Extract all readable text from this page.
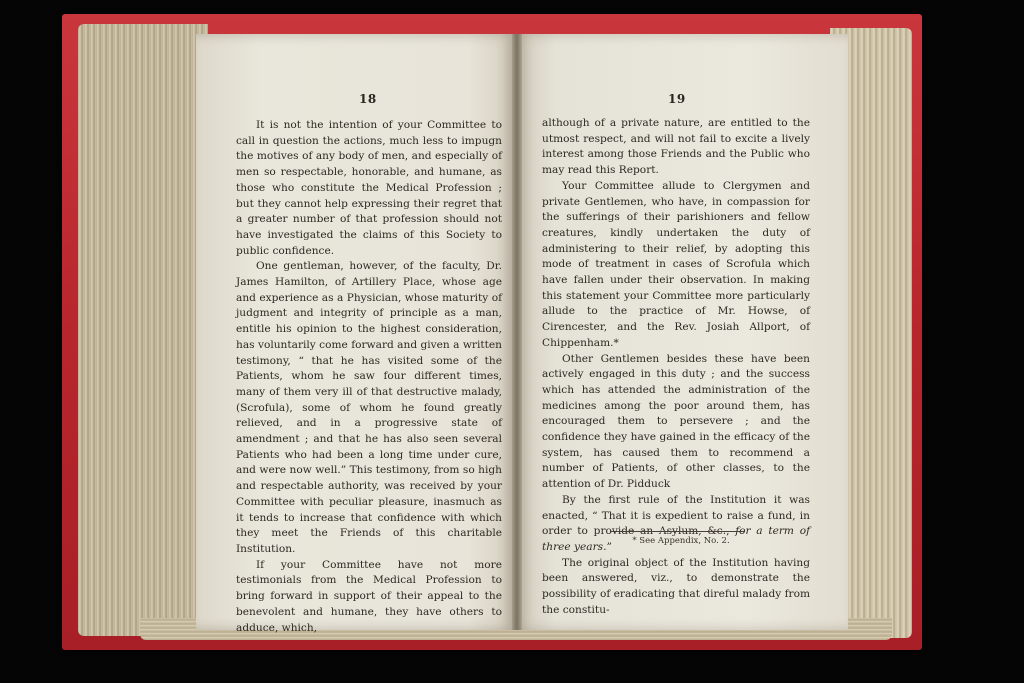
18

It is not the intention of your Committee to call in question the actions, much less to impugn the motives of any body of men, and especially of men so respectable, honorable, and humane, as those who constitute the Medical Profession ; but they cannot help expressing their regret that a greater number of that profession should not have investigated the claims of this Society to public confidence.

One gentleman, however, of the faculty, Dr. James Hamilton, of Artillery Place, whose age and experience as a Physician, whose maturity of judgment and integrity of principle as a man, entitle his opinion to the highest consideration, has voluntarily come forward and given a written testimony, “ that he has visited some of the Patients, whom he saw four different times, many of them very ill of that destructive malady, (Scrofula), some of whom he found greatly relieved, and in a progressive state of amendment ; and that he has also seen several Patients who had been a long time under cure, and were now well.” This testimony, from so high and respectable authority, was received by your Committee with peculiar pleasure, inasmuch as it tends to increase that confidence with which they meet the Friends of this charitable Institution.

If your Committee have not more testimonials from the Medical Profession to bring forward in support of their appeal to the benevolent and humane, they have others to adduce, which,

19

although of a private nature, are entitled to the utmost respect, and will not fail to excite a lively interest among those Friends and the Public who may read this Report.

Your Committee allude to Clergymen and private Gentlemen, who have, in compassion for the sufferings of their parishioners and fellow creatures, kindly undertaken the duty of administering to their relief, by adopting this mode of treatment in cases of Scrofula which have fallen under their observation. In making this statement your Committee more particularly allude to the practice of Mr. Howse, of Cirencester, and the Rev. Josiah Allport, of Chippenham.*

Other Gentlemen besides these have been actively engaged in this duty ; and the success which has attended the administration of the medicines among the poor around them, has encouraged them to persevere ; and the confidence they have gained in the efficacy of the system, has caused them to recommend a number of Patients, of other classes, to the attention of Dr. Pidduck

By the first rule of the Institution it was enacted, “ That it is expedient to raise a fund, in order to provide an Asylum, &c., for a term of three years.”

The original object of the Institution having been answered, viz., to demonstrate the possibility of eradicating that direful malady from the constitu-

* See Appendix, No. 2.
